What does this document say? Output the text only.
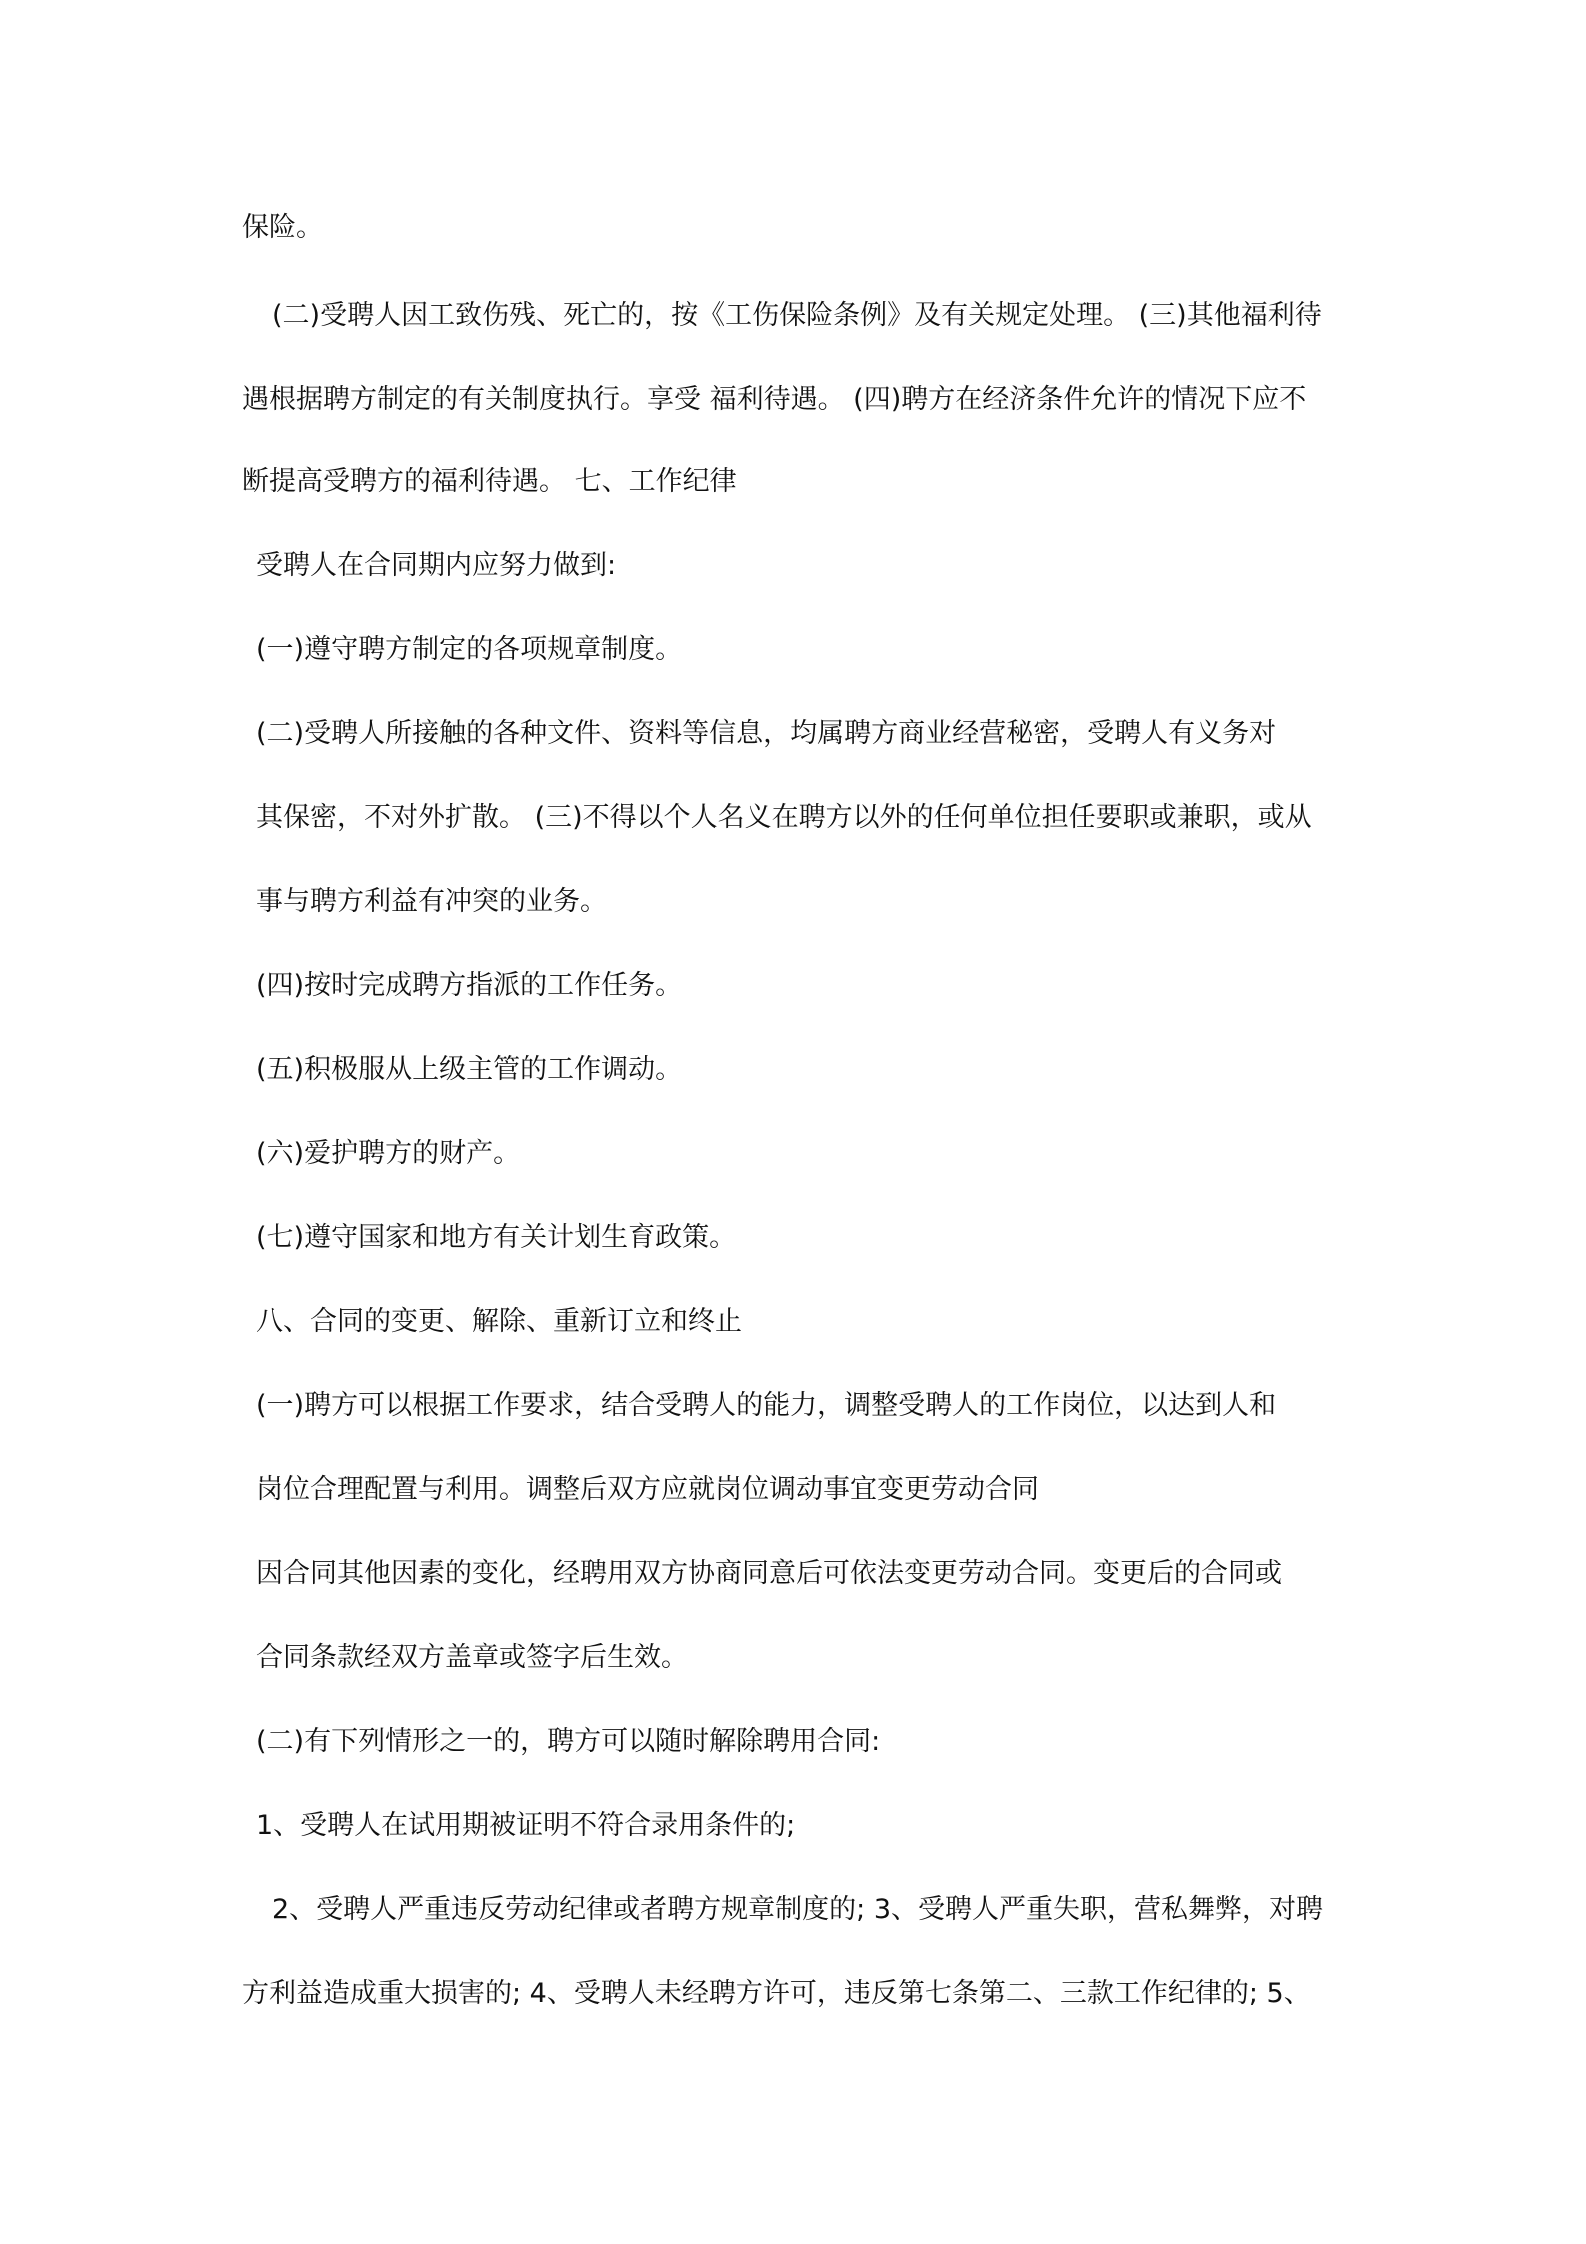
保险。

(二)受聘人因工致伤残、死亡的，按《工伤保险条例》及有关规定处理。 (三)其他福利待

遇根据聘方制定的有关制度执行。享受 福利待遇。 (四)聘方在经济条件允许的情况下应不

断提高受聘方的福利待遇。 七、工作纪律

受聘人在合同期内应努力做到:

(一)遵守聘方制定的各项规章制度。

(二)受聘人所接触的各种文件、资料等信息，均属聘方商业经营秘密，受聘人有义务对

其保密，不对外扩散。 (三)不得以个人名义在聘方以外的任何单位担任要职或兼职，或从

事与聘方利益有冲突的业务。

(四)按时完成聘方指派的工作任务。

(五)积极服从上级主管的工作调动。

(六)爱护聘方的财产。

(七)遵守国家和地方有关计划生育政策。

八、合同的变更、解除、重新订立和终止

(一)聘方可以根据工作要求，结合受聘人的能力，调整受聘人的工作岗位，以达到人和

岗位合理配置与利用。调整后双方应就岗位调动事宜变更劳动合同

因合同其他因素的变化，经聘用双方协商同意后可依法变更劳动合同。变更后的合同或

合同条款经双方盖章或签字后生效。

(二)有下列情形之一的，聘方可以随时解除聘用合同:

1、受聘人在试用期被证明不符合录用条件的;

2、受聘人严重违反劳动纪律或者聘方规章制度的; 3、受聘人严重失职，营私舞弊，对聘

方利益造成重大损害的; 4、受聘人未经聘方许可，违反第七条第二、三款工作纪律的; 5、
